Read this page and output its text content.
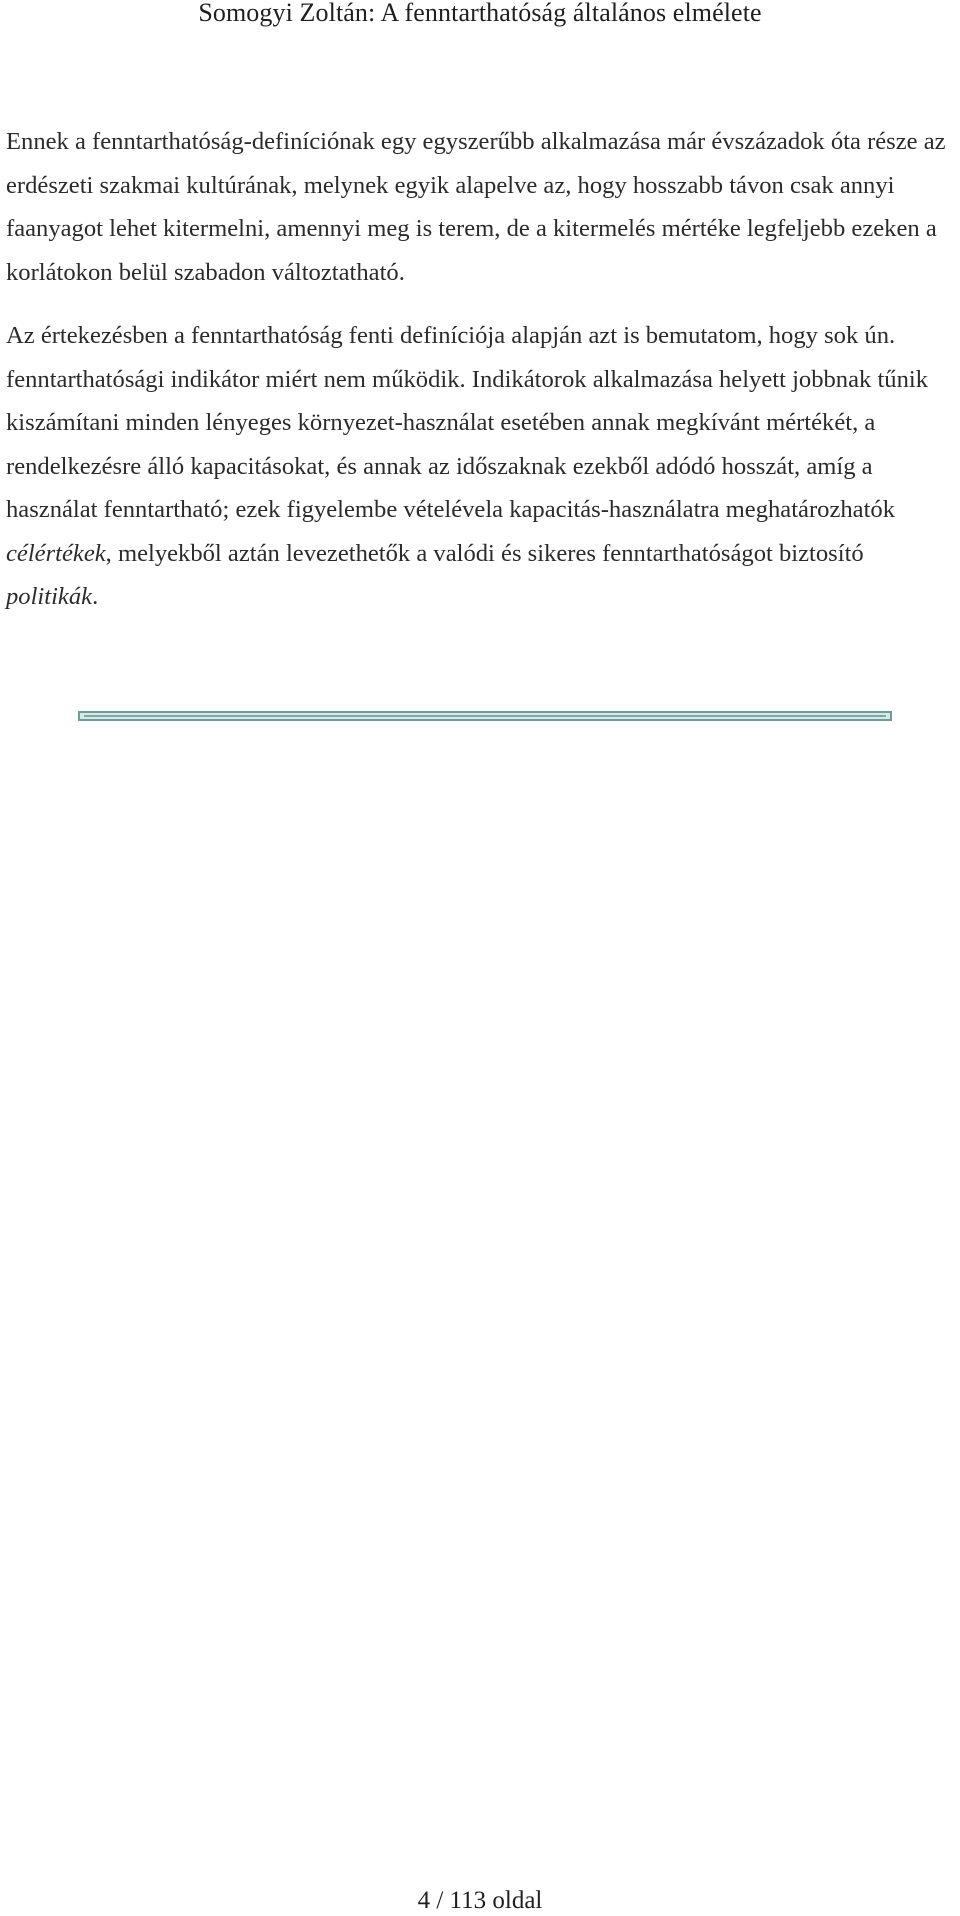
Somogyi Zoltán: A fenntarthatóság általános elmélete

Ennek a fenntarthatóság-definíciónak egy egyszerűbb alkalmazása már évszázadok óta része az erdészeti szakmai kultúrának, melynek egyik alapelve az, hogy hosszabb távon csak annyi faanyagot lehet kitermelni, amennyi meg is terem, de a kitermelés mértéke legfeljebb ezeken a korlátokon belül szabadon változtatható.

Az értekezésben a fenntarthatóság fenti definíciója alapján azt is bemutatom, hogy sok ún. fenntarthatósági indikátor miért nem működik. Indikátorok alkalmazása helyett jobbnak tűnik kiszámítani minden lényeges környezet-használat esetében annak megkívánt mértékét, a rendelkezésre álló kapacitásokat, és annak az időszaknak ezekből adódó hosszát, amíg a használat fenntartható; ezek figyelembe vételévela kapacitás-használatra meghatározhatók célértékek, melyekből aztán levezethetők a valódi és sikeres fenntarthatóságot biztosító politikák.

4 / 113 oldal
